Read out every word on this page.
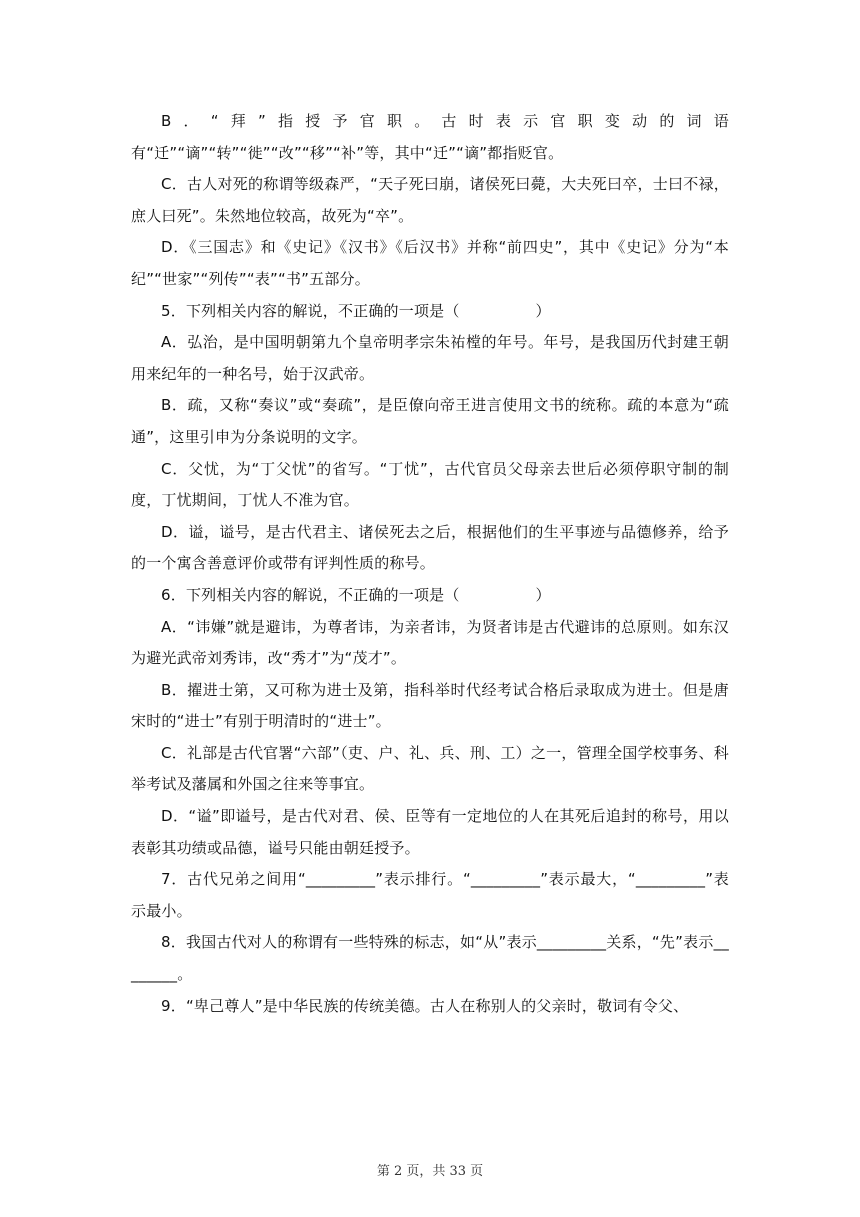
B．“拜”指授予官职。古时表示官职变动的词语有“迁”“谪”“转”“徙”“改”“移”“补”等，其中“迁”“谪”都指贬官。

C．古人对死的称谓等级森严，“天子死曰崩，诸侯死曰薨，大夫死曰卒，士曰不禄，庶人曰死”。朱然地位较高，故死为“卒”。

D．《三国志》和《史记》《汉书》《后汉书》并称“前四史”，其中《史记》分为“本纪”“世家”“列传”“表”“书”五部分。

5．下列相关内容的解说，不正确的一项是（　　　　　）

A．弘治，是中国明朝第九个皇帝明孝宗朱祐樘的年号。年号，是我国历代封建王朝用来纪年的一种名号，始于汉武帝。

B．疏，又称“奏议”或“奏疏”，是臣僚向帝王进言使用文书的统称。疏的本意为“疏通”，这里引申为分条说明的文字。

C．父忧，为“丁父忧”的省写。“丁忧”，古代官员父母亲去世后必须停职守制的制度，丁忧期间，丁忧人不准为官。

D．谥，谥号，是古代君主、诸侯死去之后，根据他们的生平事迹与品德修养，给予的一个寓含善意评价或带有评判性质的称号。

6．下列相关内容的解说，不正确的一项是（　　　　　）

A．“讳嫌”就是避讳，为尊者讳，为亲者讳，为贤者讳是古代避讳的总原则。如东汉为避光武帝刘秀讳，改“秀才”为“茂才”。

B．擢进士第，又可称为进士及第，指科举时代经考试合格后录取成为进士。但是唐宋时的“进士”有别于明清时的“进士”。

C．礼部是古代官署“六部”（吏、户、礼、兵、刑、工）之一，管理全国学校事务、科举考试及藩属和外国之往来等事宜。

D．“谥”即谥号，是古代对君、侯、臣等有一定地位的人在其死后追封的称号，用以表彰其功绩或品德，谥号只能由朝廷授予。

7．古代兄弟之间用“_________”表示排行。“_________”表示最大，“_________”表示最小。

8．我国古代对人的称谓有一些特殊的标志，如“从”表示_________关系，“先”表示________。

9．“卑己尊人”是中华民族的传统美德。古人在称别人的父亲时，敬词有令父、

第 2 页，共 33 页
